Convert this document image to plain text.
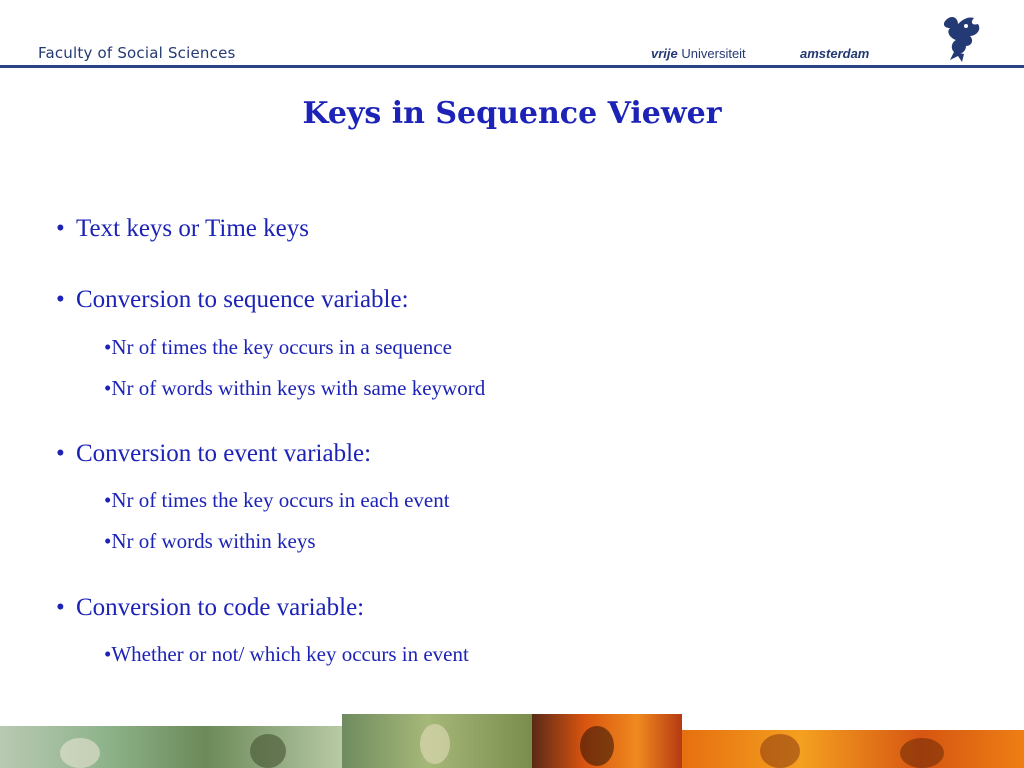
Faculty of Social Sciences	vrije Universiteit	amsterdam
Keys in Sequence Viewer
• Text keys or Time keys
• Conversion to sequence variable:
•Nr of times the key occurs in a sequence
•Nr of words within keys with same keyword
• Conversion to event variable:
•Nr of times the key occurs in each event
•Nr of words within keys
• Conversion to code variable:
•Whether or not/ which key occurs in event
